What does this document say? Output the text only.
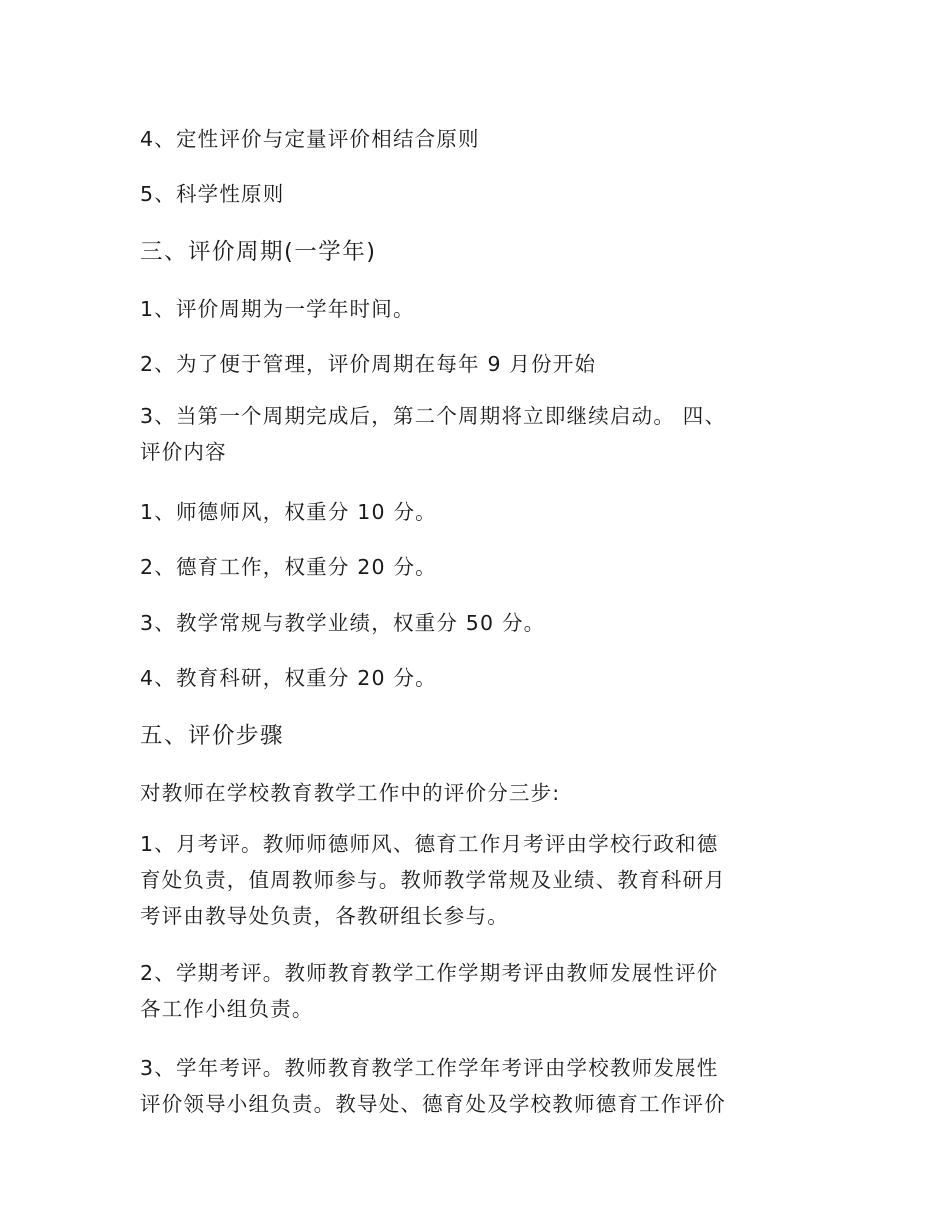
4、定性评价与定量评价相结合原则
5、科学性原则
三、评价周期(一学年)
1、评价周期为一学年时间。
2、为了便于管理，评价周期在每年 9 月份开始
3、当第一个周期完成后，第二个周期将立即继续启动。 四、
评价内容
1、师德师风，权重分 10 分。
2、德育工作，权重分 20 分。
3、教学常规与教学业绩，权重分 50 分。
4、教育科研，权重分 20 分。
五、评价步骤
对教师在学校教育教学工作中的评价分三步:
1、月考评。教师师德师风、德育工作月考评由学校行政和德
育处负责，值周教师参与。教师教学常规及业绩、教育科研月
考评由教导处负责，各教研组长参与。
2、学期考评。教师教育教学工作学期考评由教师发展性评价
各工作小组负责。
3、学年考评。教师教育教学工作学年考评由学校教师发展性
评价领导小组负责。教导处、德育处及学校教师德育工作评价
